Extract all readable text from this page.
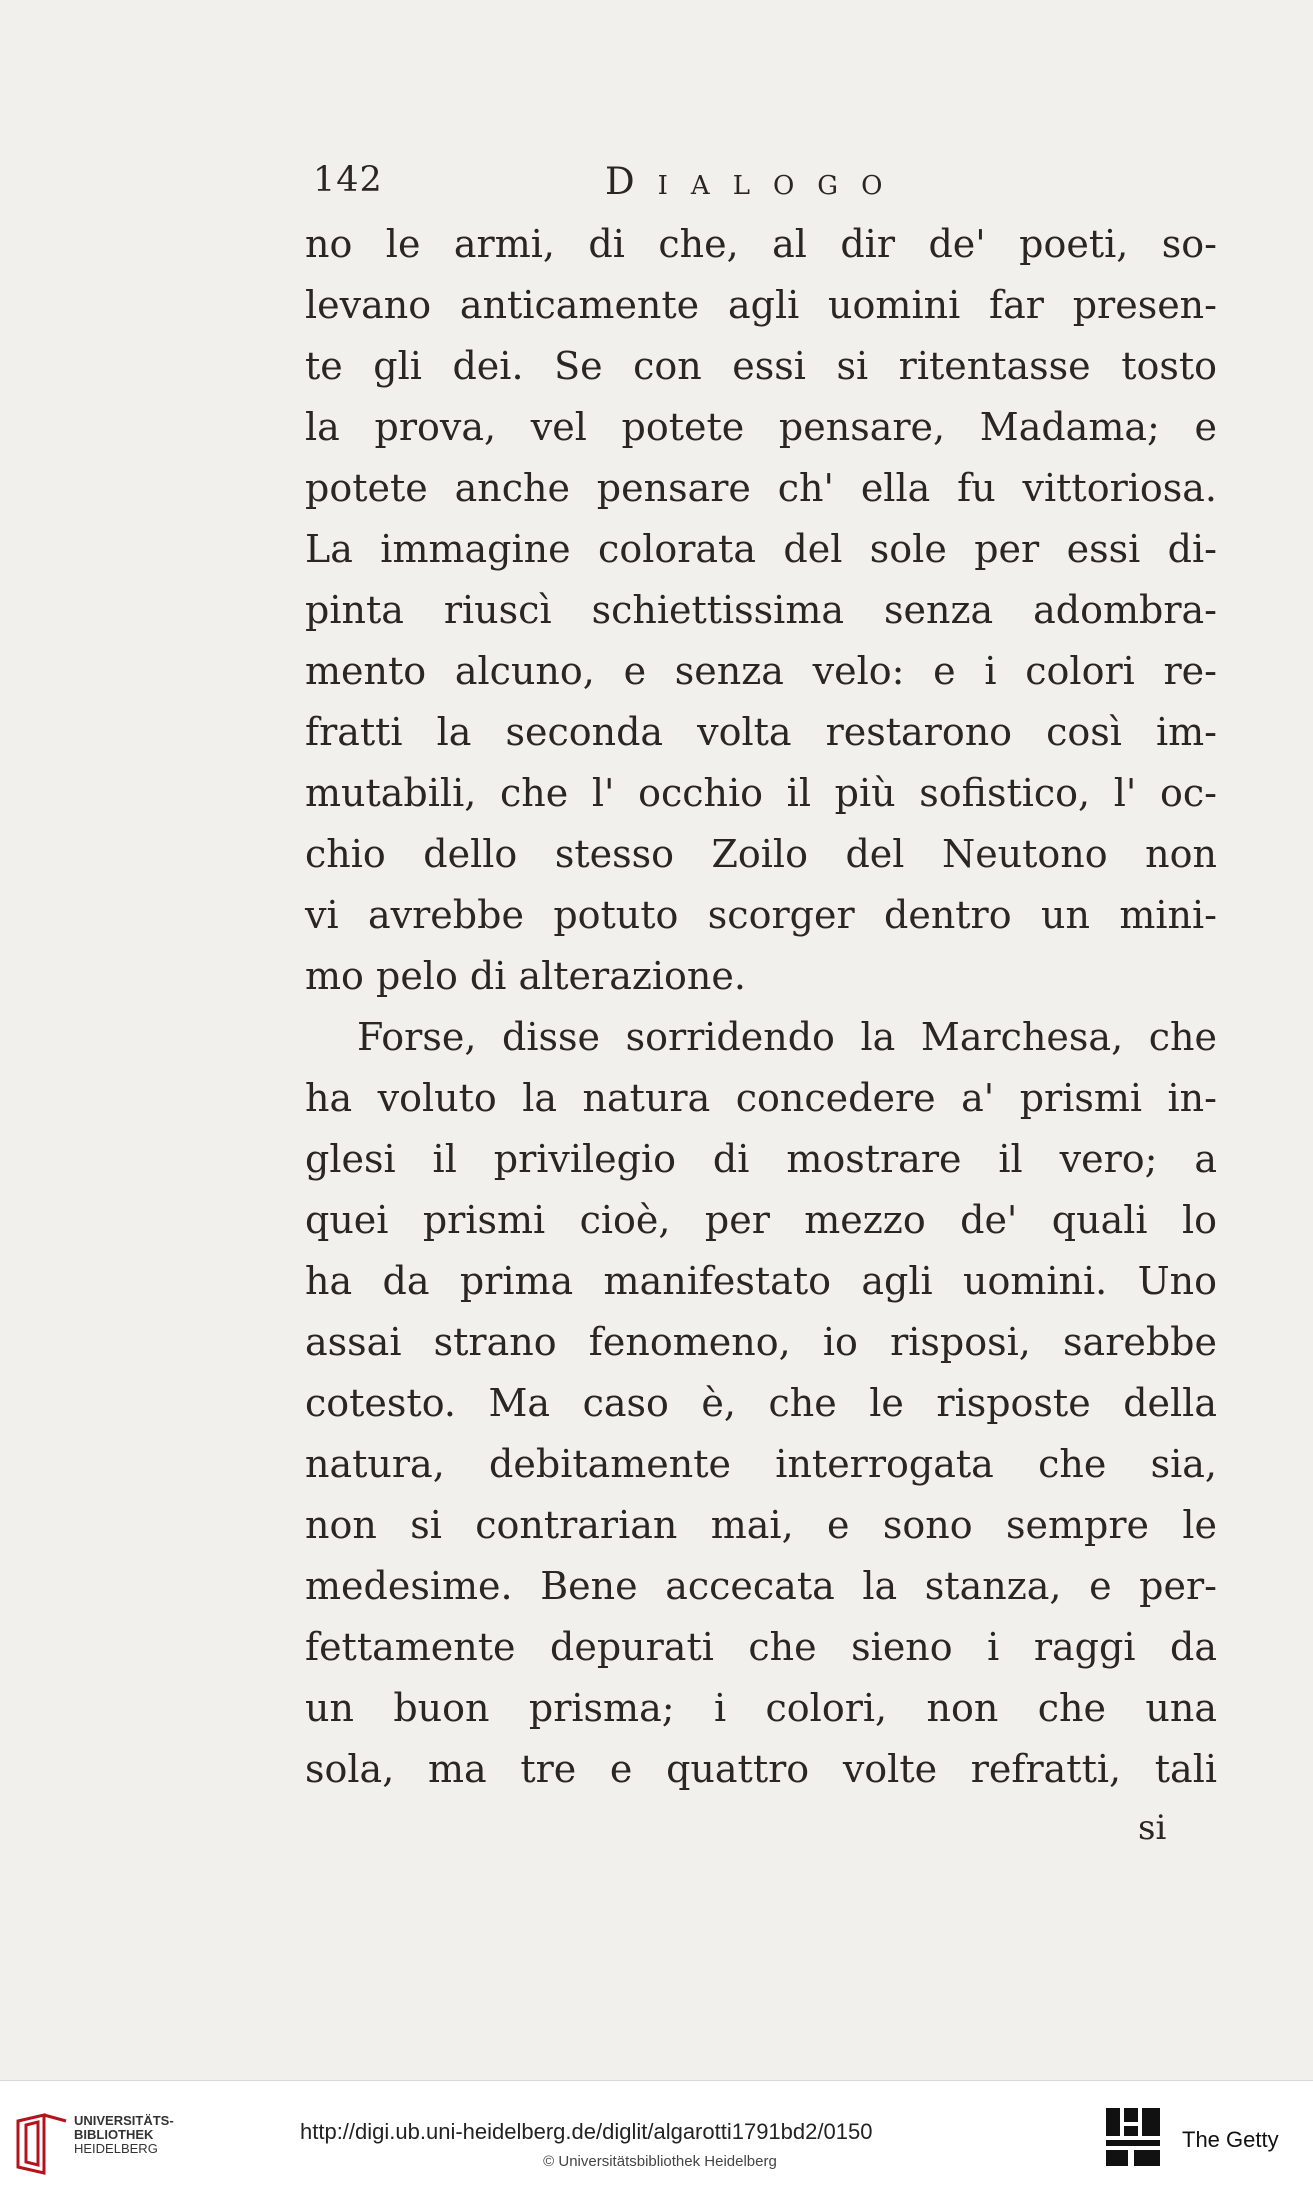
142	Dialogo
no le armi, di che, al dir de' poeti, so-
levano anticamente agli uomini far presen-
te gli dei. Se con essi si ritentasse tosto
la prova, vel potete pensare, Madama; e
potete anche pensare ch' ella fu vittoriosa.
La immagine colorata del sole per essi di-
pinta riuscì schiettissima senza adombra-
mento alcuno, e senza velo: e i colori re-
fratti la seconda volta restarono così im-
mutabili, che l' occhio il più sofistico, l' oc-
chio dello stesso Zoilo del Neutono non
vi avrebbe potuto scorger dentro un mini-
mo pelo di alterazione.
Forse, disse sorridendo la Marchesa, che
ha voluto la natura concedere a' prismi in-
glesi il privilegio di mostrare il vero; a
quei prismi cioè, per mezzo de' quali lo
ha da prima manifestato agli uomini. Uno
assai strano fenomeno, io risposi, sarebbe
cotesto. Ma caso è, che le risposte della
natura, debitamente interrogata che sia,
non si contrarian mai, e sono sempre le
medesime. Bene accecata la stanza, e per-
fettamente depurati che sieno i raggi da
un buon prisma; i colori, non che una
sola, ma tre e quattro volte refratti, tali
si
UNIVERSITÄTS-
BIBLIOTHEK
HEIDELBERG
http://digi.ub.uni-heidelberg.de/diglit/algarotti1791bd2/0150
© Universitätsbibliothek Heidelberg
The Getty
